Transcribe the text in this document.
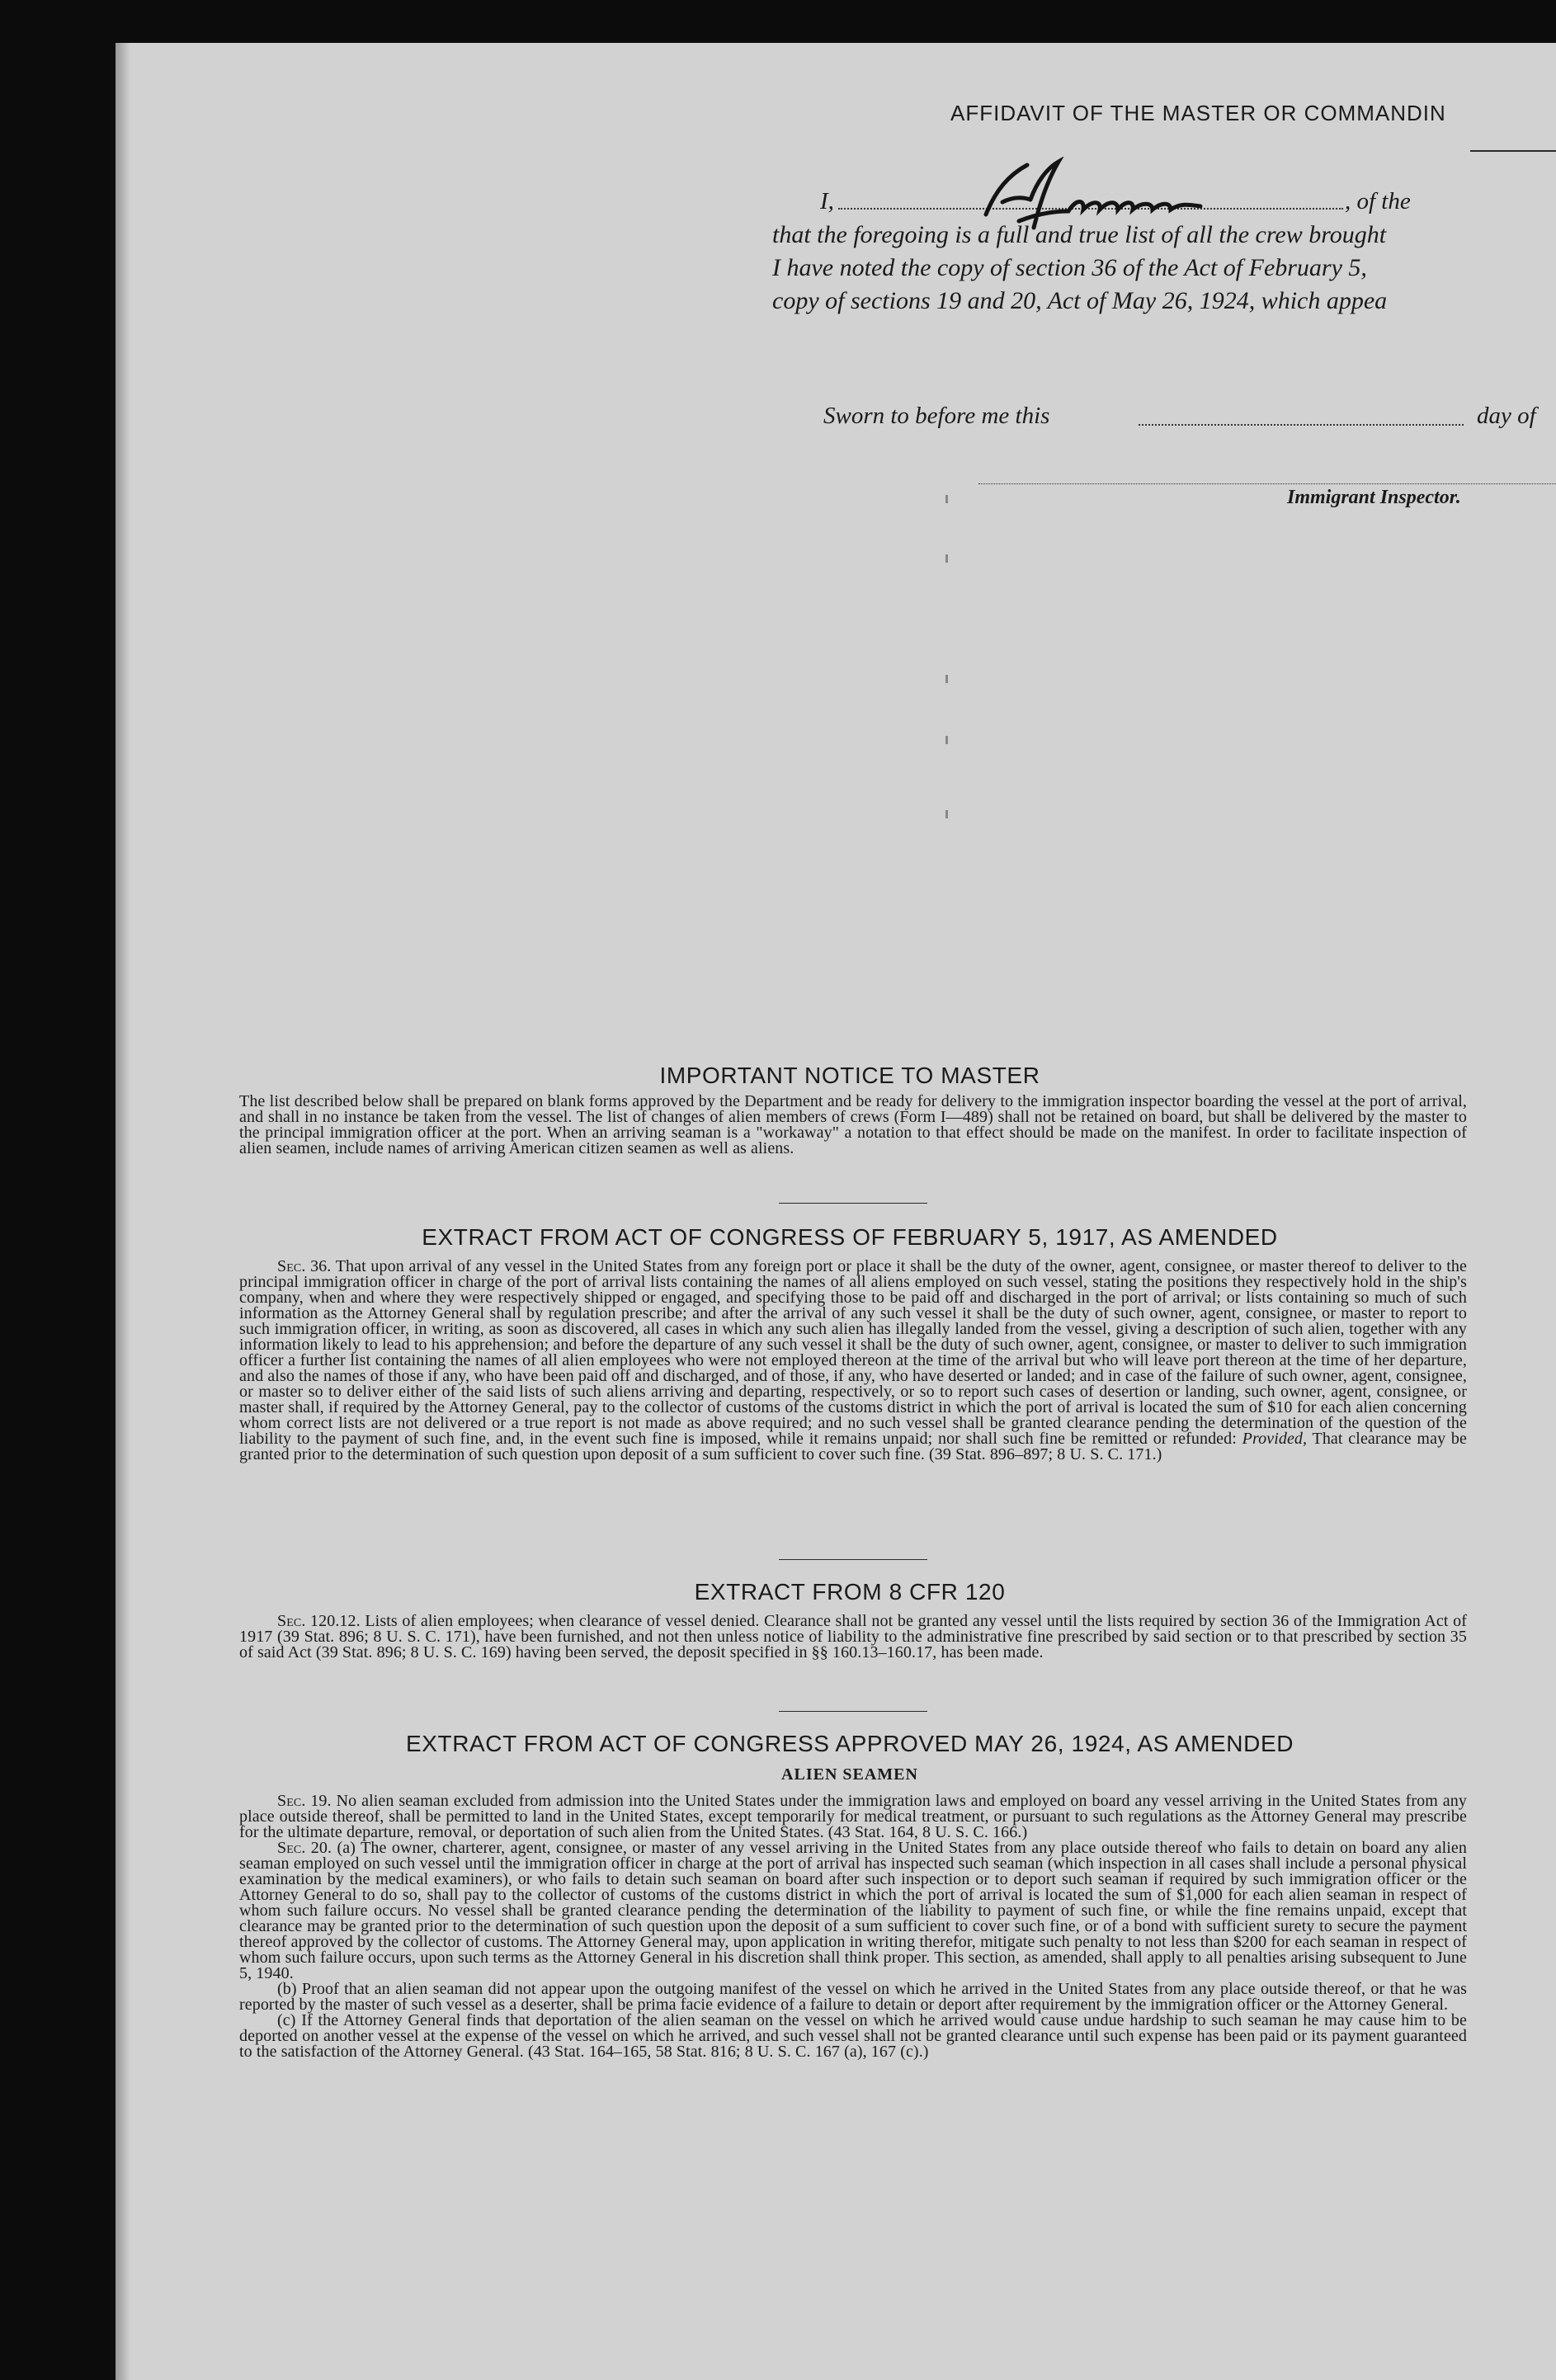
AFFIDAVIT OF THE MASTER OR COMMANDIN
I,	, of the
that the foregoing is a full and true list of all the crew brought
I have noted the copy of section 36 of the Act of February 5,
copy of sections 19 and 20, Act of May 26, 1924, which appea
Sworn to before me this	day of
Immigrant Inspector.
IMPORTANT NOTICE TO MASTER
The list described below shall be prepared on blank forms approved by the Department and be ready for delivery to the immigration inspector boarding the vessel at the port of arrival, and shall in no instance be taken from the vessel. The list of changes of alien members of crews (Form I—489) shall not be retained on board, but shall be delivered by the master to the principal immigration officer at the port. When an arriving seaman is a "workaway" a notation to that effect should be made on the manifest. In order to facilitate inspection of alien seamen, include names of arriving American citizen seamen as well as aliens.
EXTRACT FROM ACT OF CONGRESS OF FEBRUARY 5, 1917, AS AMENDED
Sec. 36. That upon arrival of any vessel in the United States from any foreign port or place it shall be the duty of the owner, agent, consignee, or master thereof to deliver to the principal immigration officer in charge of the port of arrival lists containing the names of all aliens employed on such vessel, stating the positions they respectively hold in the ship's company, when and where they were respectively shipped or engaged, and specifying those to be paid off and discharged in the port of arrival; or lists containing so much of such information as the Attorney General shall by regulation prescribe; and after the arrival of any such vessel it shall be the duty of such owner, agent, consignee, or master to report to such immigration officer, in writing, as soon as discovered, all cases in which any such alien has illegally landed from the vessel, giving a description of such alien, together with any information likely to lead to his apprehension; and before the departure of any such vessel it shall be the duty of such owner, agent, consignee, or master to deliver to such immigration officer a further list containing the names of all alien employees who were not employed thereon at the time of the arrival but who will leave port thereon at the time of her departure, and also the names of those if any, who have been paid off and discharged, and of those, if any, who have deserted or landed; and in case of the failure of such owner, agent, consignee, or master so to deliver either of the said lists of such aliens arriving and departing, respectively, or so to report such cases of desertion or landing, such owner, agent, consignee, or master shall, if required by the Attorney General, pay to the collector of customs of the customs district in which the port of arrival is located the sum of $10 for each alien concerning whom correct lists are not delivered or a true report is not made as above required; and no such vessel shall be granted clearance pending the determination of the question of the liability to the payment of such fine, and, in the event such fine is imposed, while it remains unpaid; nor shall such fine be remitted or refunded: Provided, That clearance may be granted prior to the determination of such question upon deposit of a sum sufficient to cover such fine. (39 Stat. 896–897; 8 U. S. C. 171.)
EXTRACT FROM 8 CFR 120
Sec. 120.12. Lists of alien employees; when clearance of vessel denied. Clearance shall not be granted any vessel until the lists required by section 36 of the Immigration Act of 1917 (39 Stat. 896; 8 U. S. C. 171), have been furnished, and not then unless notice of liability to the administrative fine prescribed by said section or to that prescribed by section 35 of said Act (39 Stat. 896; 8 U. S. C. 169) having been served, the deposit specified in §§ 160.13–160.17, has been made.
EXTRACT FROM ACT OF CONGRESS APPROVED MAY 26, 1924, AS AMENDED
ALIEN SEAMEN
Sec. 19. No alien seaman excluded from admission into the United States under the immigration laws and employed on board any vessel arriving in the United States from any place outside thereof, shall be permitted to land in the United States, except temporarily for medical treatment, or pursuant to such regulations as the Attorney General may prescribe for the ultimate departure, removal, or deportation of such alien from the United States. (43 Stat. 164, 8 U. S. C. 166.)
Sec. 20. (a) The owner, charterer, agent, consignee, or master of any vessel arriving in the United States from any place outside thereof who fails to detain on board any alien seaman employed on such vessel until the immigration officer in charge at the port of arrival has inspected such seaman (which inspection in all cases shall include a personal physical examination by the medical examiners), or who fails to detain such seaman on board after such inspection or to deport such seaman if required by such immigration officer or the Attorney General to do so, shall pay to the collector of customs of the customs district in which the port of arrival is located the sum of $1,000 for each alien seaman in respect of whom such failure occurs. No vessel shall be granted clearance pending the determination of the liability to payment of such fine, or while the fine remains unpaid, except that clearance may be granted prior to the determination of such question upon the deposit of a sum sufficient to cover such fine, or of a bond with sufficient surety to secure the payment thereof approved by the collector of customs. The Attorney General may, upon application in writing therefor, mitigate such penalty to not less than $200 for each seaman in respect of whom such failure occurs, upon such terms as the Attorney General in his discretion shall think proper. This section, as amended, shall apply to all penalties arising subsequent to June 5, 1940.
(b) Proof that an alien seaman did not appear upon the outgoing manifest of the vessel on which he arrived in the United States from any place outside thereof, or that he was reported by the master of such vessel as a deserter, shall be prima facie evidence of a failure to detain or deport after requirement by the immigration officer or the Attorney General.
(c) If the Attorney General finds that deportation of the alien seaman on the vessel on which he arrived would cause undue hardship to such seaman he may cause him to be deported on another vessel at the expense of the vessel on which he arrived, and such vessel shall not be granted clearance until such expense has been paid or its payment guaranteed to the satisfaction of the Attorney General. (43 Stat. 164–165, 58 Stat. 816; 8 U. S. C. 167 (a), 167 (c).)
